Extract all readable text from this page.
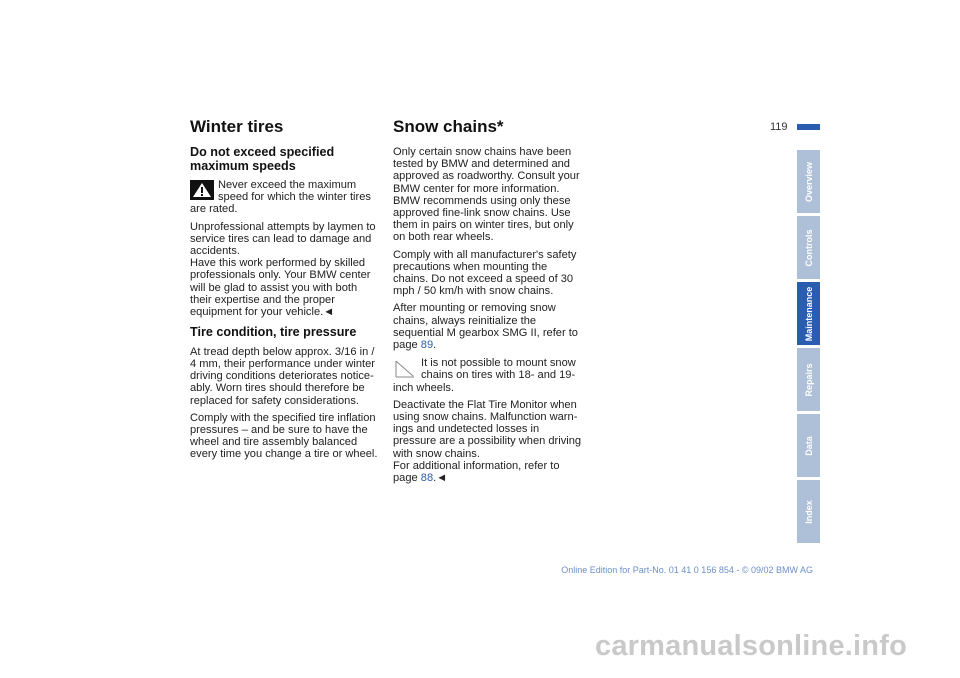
119
Winter tires
Do not exceed specified maximum speeds
Never exceed the maximum speed for which the winter tires are rated.
Unprofessional attempts by laymen to service tires can lead to damage and accidents.
Have this work performed by skilled professionals only. Your BMW center will be glad to assist you with both their expertise and the proper equipment for your vehicle.◄
Tire condition, tire pressure

At tread depth below approx. 3/16 in / 4 mm, their performance under winter driving conditions deteriorates noticeably. Worn tires should therefore be replaced for safety considerations.

Comply with the specified tire inflation pressures – and be sure to have the wheel and tire assembly balanced every time you change a tire or wheel.

Snow chains*

Only certain snow chains have been tested by BMW and determined and approved as roadworthy. Consult your BMW center for more information. BMW recommends using only these approved fine-link snow chains. Use them in pairs on winter tires, but only on both rear wheels.

Comply with all manufacturer's safety precautions when mounting the chains. Do not exceed a speed of 30 mph / 50 km/h with snow chains.

After mounting or removing snow chains, always reinitialize the sequential M gearbox SMG II, refer to page 89.

It is not possible to mount snow chains on tires with 18- and 19-inch wheels.
Deactivate the Flat Tire Monitor when using snow chains. Malfunction warnings and undetected losses in pressure are a possibility when driving with snow chains.
For additional information, refer to page 88.◄
Overview
Controls
Maintenance
Repairs
Data
Index
Online Edition for Part-No. 01 41 0 156 854 - © 09/02 BMW AG
carmanualsonline.info
